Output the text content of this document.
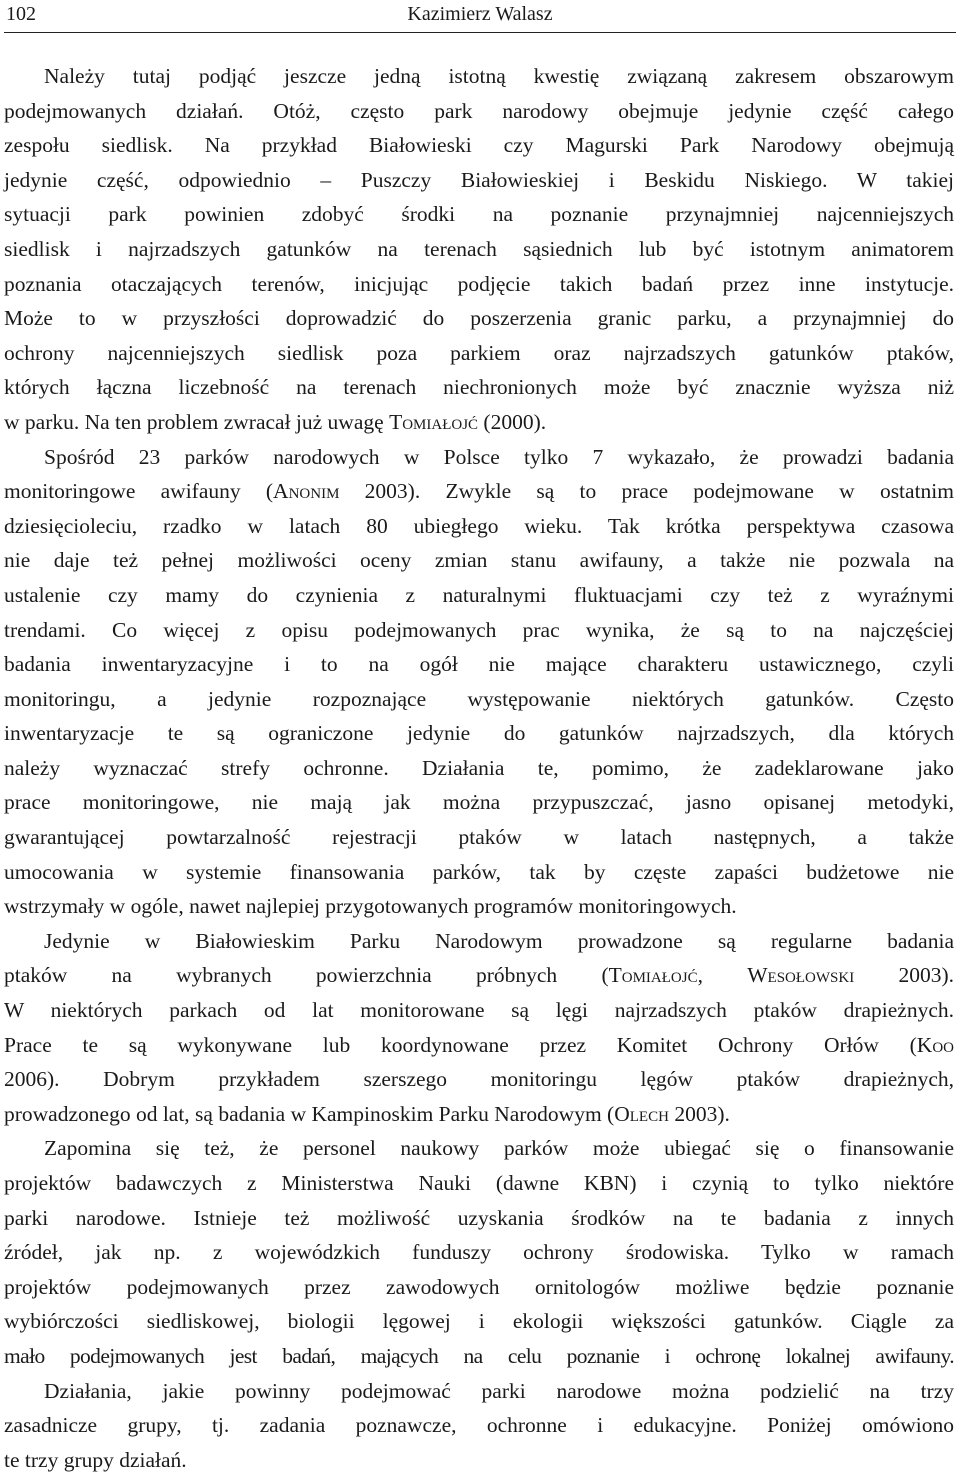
102	Kazimierz Walasz
Należy tutaj podjąć jeszcze jedną istotną kwestię związaną zakresem obszarowym
podejmowanych działań. Otóż, często park narodowy obejmuje jedynie część całego
zespołu siedlisk. Na przykład Białowieski czy Magurski Park Narodowy obejmują
jedynie część, odpowiednio – Puszczy Białowieskiej i Beskidu Niskiego. W takiej
sytuacji park powinien zdobyć środki na poznanie przynajmniej najcenniejszych
siedlisk i najrzadszych gatunków na terenach sąsiednich lub być istotnym animatorem
poznania otaczających terenów, inicjując podjęcie takich badań przez inne instytucje.
Może to w przyszłości doprowadzić do poszerzenia granic parku, a przynajmniej do
ochrony najcenniejszych siedlisk poza parkiem oraz najrzadszych gatunków ptaków,
których łączna liczebność na terenach niechronionych może być znacznie wyższa niż
w parku. Na ten problem zwracał już uwagę Tomiałojć (2000).
Spośród 23 parków narodowych w Polsce tylko 7 wykazało, że prowadzi badania
monitoringowe awifauny (Anonim 2003). Zwykle są to prace podejmowane w ostatnim
dziesięcioleciu, rzadko w latach 80 ubiegłego wieku. Tak krótka perspektywa czasowa
nie daje też pełnej możliwości oceny zmian stanu awifauny, a także nie pozwala na
ustalenie czy mamy do czynienia z naturalnymi fluktuacjami czy też z wyraźnymi
trendami. Co więcej z opisu podejmowanych prac wynika, że są to na najczęściej
badania inwentaryzacyjne i to na ogół nie mające charakteru ustawicznego, czyli
monitoringu, a jedynie rozpoznające występowanie niektórych gatunków. Często
inwentaryzacje te są ograniczone jedynie do gatunków najrzadszych, dla których
należy wyznaczać strefy ochronne. Działania te, pomimo, że zadeklarowane jako
prace monitoringowe, nie mają jak można przypuszczać, jasno opisanej metodyki,
gwarantującej powtarzalność rejestracji ptaków w latach następnych, a także
umocowania w systemie finansowania parków, tak by częste zapaści budżetowe nie
wstrzymały w ogóle, nawet najlepiej przygotowanych programów monitoringowych.
Jedynie w Białowieskim Parku Narodowym prowadzone są regularne badania
ptaków na wybranych powierzchnia próbnych (Tomiałojć, Wesołowski 2003).
W niektórych parkach od lat monitorowane są lęgi najrzadszych ptaków drapieżnych.
Prace te są wykonywane lub koordynowane przez Komitet Ochrony Orłów (Koo
2006). Dobrym przykładem szerszego monitoringu lęgów ptaków drapieżnych,
prowadzonego od lat, są badania w Kampinoskim Parku Narodowym (Olech 2003).
Zapomina się też, że personel naukowy parków może ubiegać się o finansowanie
projektów badawczych z Ministerstwa Nauki (dawne KBN) i czynią to tylko niektóre
parki narodowe. Istnieje też możliwość uzyskania środków na te badania z innych
źródeł, jak np. z wojewódzkich funduszy ochrony środowiska. Tylko w ramach
projektów podejmowanych przez zawodowych ornitologów możliwe będzie poznanie
wybiórczości siedliskowej, biologii lęgowej i ekologii większości gatunków. Ciągle za
mało podejmowanych jest badań, mających na celu poznanie i ochronę lokalnej awifauny.
Działania, jakie powinny podejmować parki narodowe można podzielić na trzy
zasadnicze grupy, tj. zadania poznawcze, ochronne i edukacyjne. Poniżej omówiono
te trzy grupy działań.
